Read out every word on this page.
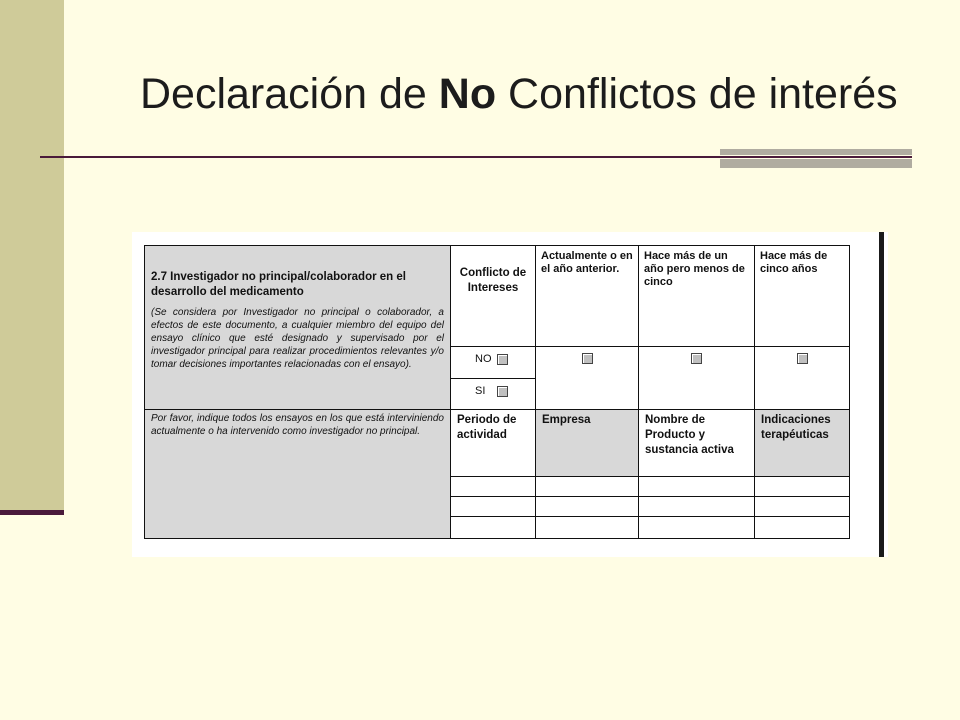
Declaración de No Conflictos de interés
2.7 Investigador no principal/colaborador en el desarrollo del medicamento
(Se considera por Investigador no principal o colaborador, a efectos de este documento, a cualquier miembro del equipo del ensayo clínico que esté designado y supervisado por el investigador principal para realizar procedimientos relevantes y/o tomar decisiones importantes relacionadas con el ensayo).	Conflicto de Intereses	Actualmente o en el año anterior.	Hace más de un año pero menos de cinco	Hace más de cinco años
	NO			
	SI			

Por favor, indique todos los ensayos en los que está interviniendo actualmente o ha intervenido como investigador no principal.	Periodo de actividad	Empresa	Nombre de Producto y sustancia activa	Indicaciones terapéuticas
